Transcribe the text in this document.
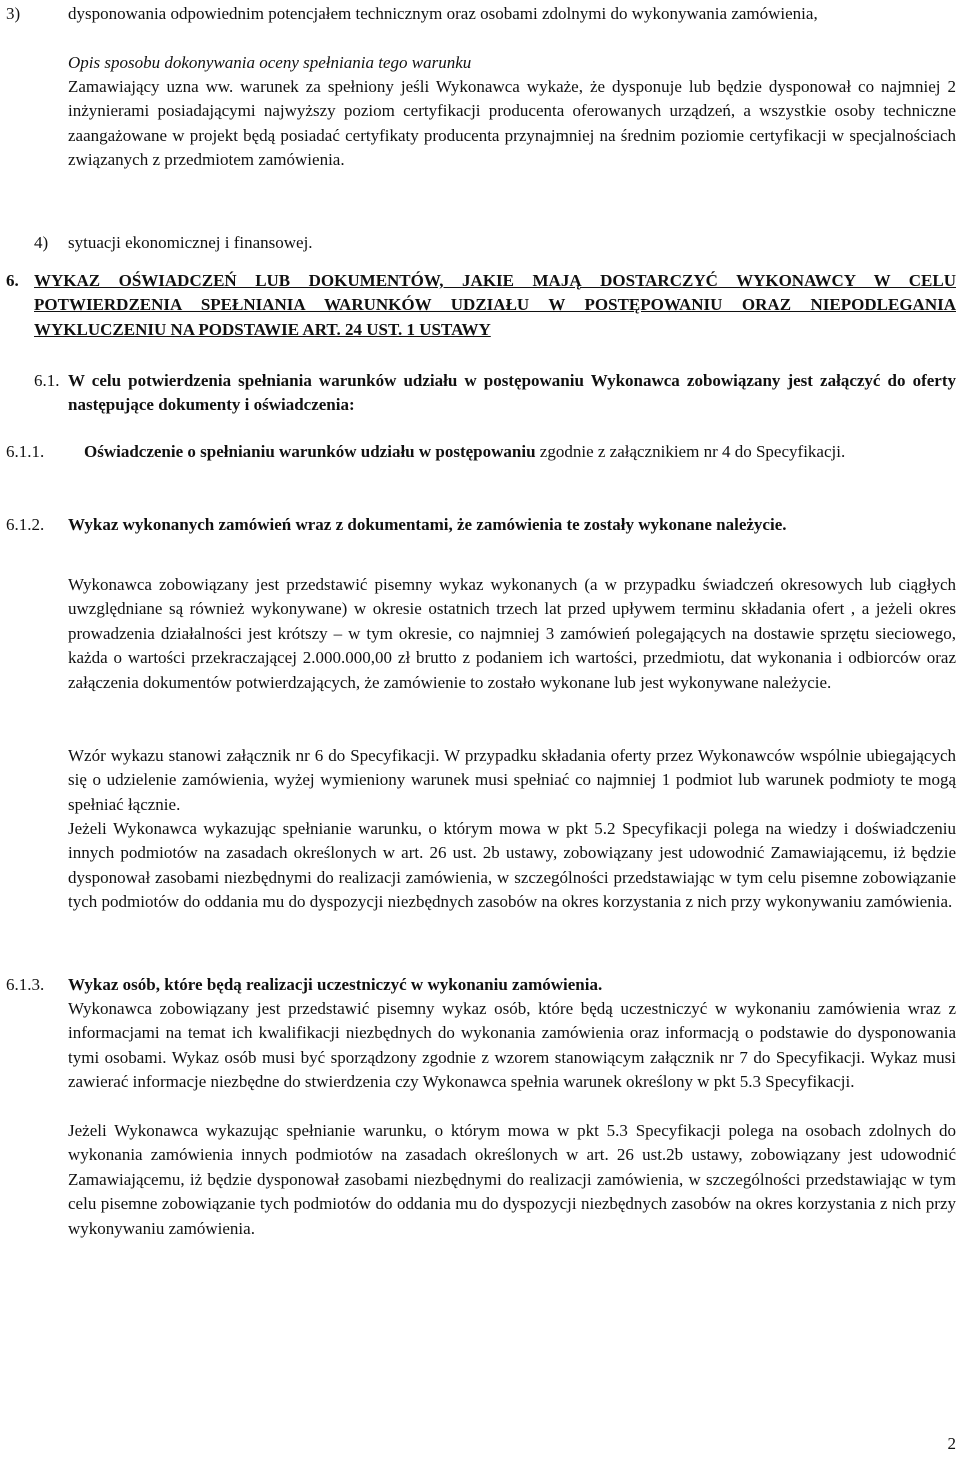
3)	dysponowania odpowiednim potencjałem technicznym oraz osobami zdolnymi do wykonywania zamówienia,

Opis sposobu dokonywania oceny spełniania tego warunku

Zamawiający uzna ww. warunek za spełniony jeśli Wykonawca wykaże, że dysponuje lub będzie dysponował co najmniej 2 inżynierami posiadającymi najwyższy poziom certyfikacji producenta oferowanych urządzeń, a wszystkie osoby techniczne zaangażowane w projekt będą posiadać certyfikaty producenta przynajmniej na średnim poziomie certyfikacji w specjalnościach związanych z przedmiotem zamówienia.

4) sytuacji ekonomicznej i finansowej.

6. WYKAZ OŚWIADCZEŃ LUB DOKUMENTÓW, JAKIE MAJĄ DOSTARCZYĆ WYKONAWCY W CELU POTWIERDZENIA SPEŁNIANIA WARUNKÓW UDZIAŁU W POSTĘPOWANIU ORAZ NIEPODLEGANIA WYKLUCZENIU NA PODSTAWIE ART. 24 UST. 1 USTAWY

6.1. W celu potwierdzenia spełniania warunków udziału w postępowaniu Wykonawca zobowiązany jest załączyć do oferty następujące dokumenty i oświadczenia:

6.1.1. Oświadczenie o spełnianiu warunków udziału w postępowaniu zgodnie z załącznikiem nr 4 do Specyfikacji.

6.1.2. Wykaz wykonanych zamówień wraz z dokumentami, że zamówienia te zostały wykonane należycie.

Wykonawca zobowiązany jest przedstawić pisemny wykaz wykonanych (a w przypadku świadczeń okresowych lub ciągłych uwzględniane są również wykonywane) w okresie ostatnich trzech lat przed upływem terminu składania ofert , a jeżeli okres prowadzenia działalności jest krótszy – w tym okresie, co najmniej 3 zamówień polegających na dostawie sprzętu sieciowego, każda o wartości przekraczającej 2.000.000,00 zł brutto z podaniem ich wartości, przedmiotu, dat wykonania i odbiorców oraz załączenia dokumentów potwierdzających, że zamówienie to zostało wykonane lub jest wykonywane należycie.

Wzór wykazu stanowi załącznik nr 6 do Specyfikacji. W przypadku składania oferty przez Wykonawców wspólnie ubiegających się o udzielenie zamówienia, wyżej wymieniony warunek musi spełniać co najmniej 1 podmiot lub warunek podmioty te mogą spełniać łącznie.

Jeżeli Wykonawca wykazując spełnianie warunku, o którym mowa w pkt 5.2 Specyfikacji polega na wiedzy i doświadczeniu innych podmiotów na zasadach określonych w art. 26 ust. 2b ustawy, zobowiązany jest udowodnić Zamawiającemu, iż będzie dysponował zasobami niezbędnymi do realizacji zamówienia, w szczególności przedstawiając w tym celu pisemne zobowiązanie tych podmiotów do oddania mu do dyspozycji niezbędnych zasobów na okres korzystania z nich przy wykonywaniu zamówienia.

6.1.3. Wykaz osób, które będą realizacji uczestniczyć w wykonaniu zamówienia.

Wykonawca zobowiązany jest przedstawić pisemny wykaz osób, które będą uczestniczyć w wykonaniu zamówienia wraz z informacjami na temat ich kwalifikacji niezbędnych do wykonania zamówienia oraz informacją o podstawie do dysponowania tymi osobami. Wykaz osób musi być sporządzony zgodnie z wzorem stanowiącym załącznik nr 7 do Specyfikacji. Wykaz musi zawierać informacje niezbędne do stwierdzenia czy Wykonawca spełnia warunek określony w pkt 5.3 Specyfikacji.

Jeżeli Wykonawca wykazując spełnianie warunku, o którym mowa w pkt 5.3 Specyfikacji polega na osobach zdolnych do wykonania zamówienia innych podmiotów na zasadach określonych w art. 26 ust.2b ustawy, zobowiązany jest udowodnić Zamawiającemu, iż będzie dysponował zasobami niezbędnymi do realizacji zamówienia, w szczególności przedstawiając w tym celu pisemne zobowiązanie tych podmiotów do oddania mu do dyspozycji niezbędnych zasobów na okres korzystania z nich przy wykonywaniu zamówienia.

2
